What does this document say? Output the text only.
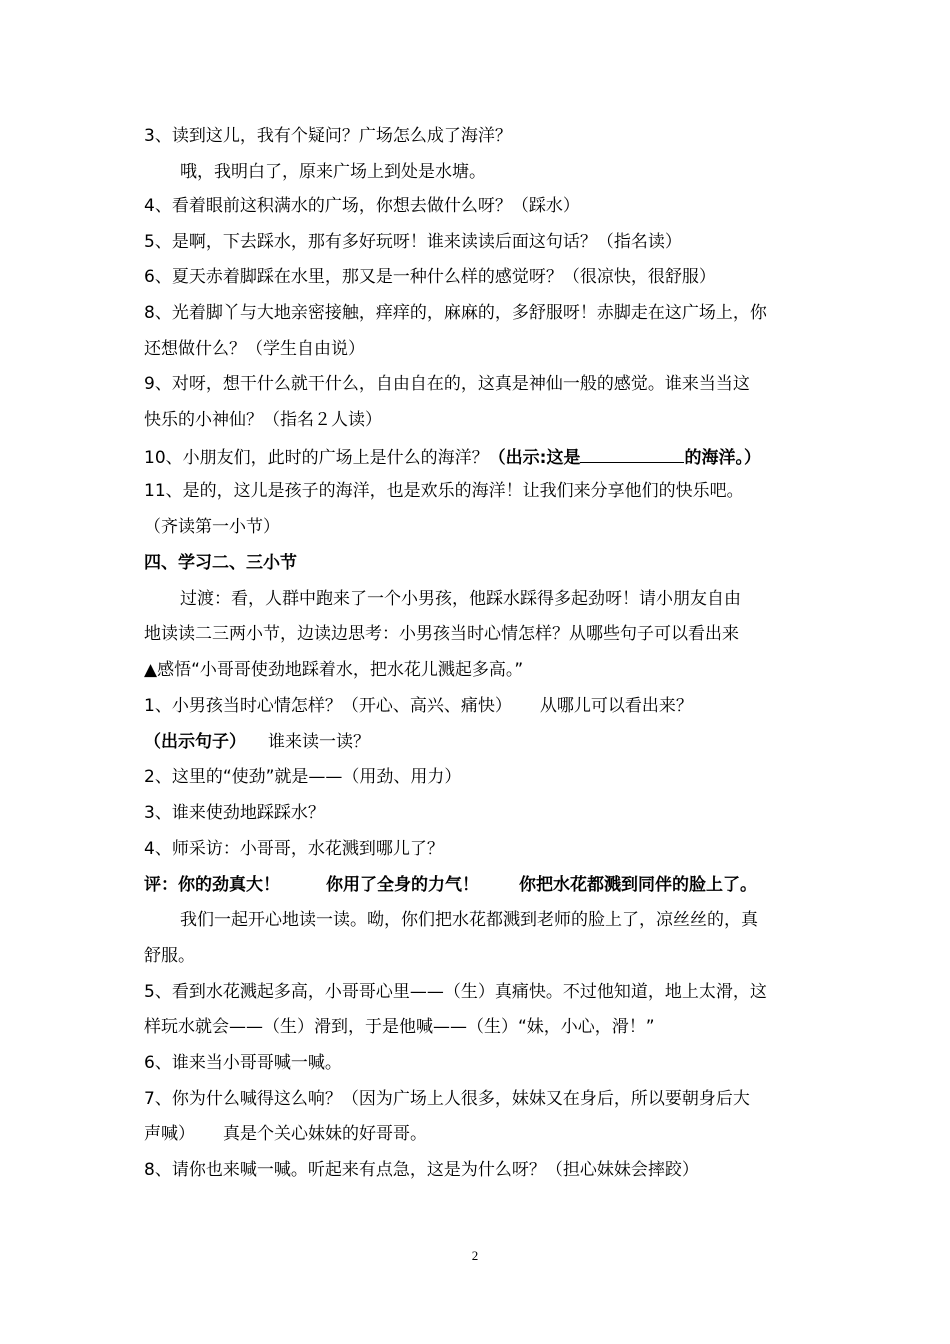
3、读到这儿，我有个疑问？广场怎么成了海洋？
哦，我明白了，原来广场上到处是水塘。
4、看着眼前这积满水的广场，你想去做什么呀？（踩水）
5、是啊，下去踩水，那有多好玩呀！谁来读读后面这句话？（指名读）
6、夏天赤着脚踩在水里，那又是一种什么样的感觉呀？（很凉快，很舒服）
8、光着脚丫与大地亲密接触，痒痒的，麻麻的，多舒服呀！赤脚走在这广场上，你
还想做什么？（学生自由说）
9、对呀，想干什么就干什么，自由自在的，这真是神仙一般的感觉。谁来当当这
快乐的小神仙？（指名２人读）
10、小朋友们，此时的广场上是什么的海洋？（出示:这是	的海洋。）
11、是的，这儿是孩子的海洋，也是欢乐的海洋！让我们来分享他们的快乐吧。
（齐读第一小节）
四、学习二、三小节
过渡：看，人群中跑来了一个小男孩，他踩水踩得多起劲呀！请小朋友自由
地读读二三两小节，边读边思考：小男孩当时心情怎样？从哪些句子可以看出来
▲感悟“小哥哥使劲地踩着水，把水花儿溅起多高。”
1、小男孩当时心情怎样？（开心、高兴、痛快） 从哪儿可以看出来？
（出示句子） 谁来读一读？
2、这里的“使劲”就是——（用劲、用力）
3、谁来使劲地踩踩水？
4、师采访：小哥哥，水花溅到哪儿了？
评：你的劲真大！	你用了全身的力气！ 你把水花都溅到同伴的脸上了。
我们一起开心地读一读。呦，你们把水花都溅到老师的脸上了，凉丝丝的，真
舒服。
5、看到水花溅起多高，小哥哥心里——（生）真痛快。不过他知道，地上太滑，这
样玩水就会——（生）滑到，于是他喊——（生）“妹，小心，滑！”
6、谁来当小哥哥喊一喊。
7、你为什么喊得这么响？（因为广场上人很多，妹妹又在身后，所以要朝身后大
声喊） 真是个关心妹妹的好哥哥。
8、请你也来喊一喊。听起来有点急，这是为什么呀？（担心妹妹会摔跤）
2
